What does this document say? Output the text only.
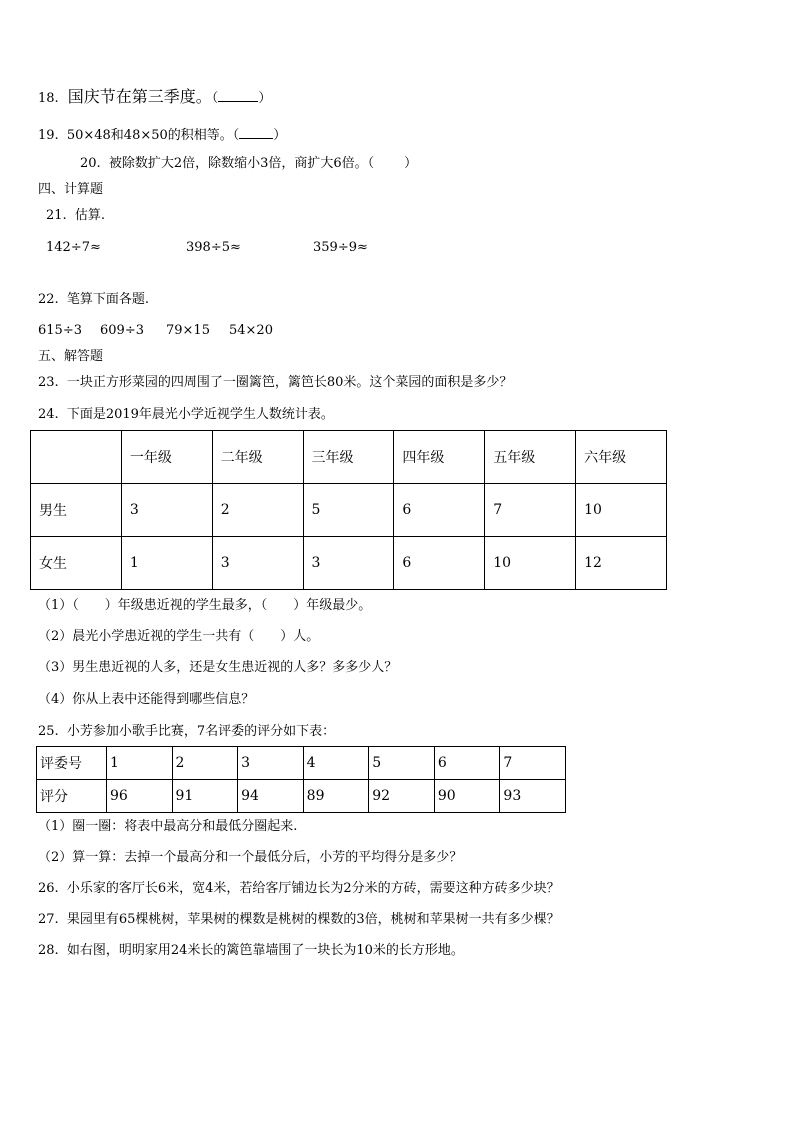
18. 国庆节在第三季度。（	）
19. 50×48和48×50的积相等。（	）
20. 被除数扩大2倍，除数缩小3倍，商扩大6倍。（ ）
四、计算题
21. 估算.
142÷7≈	398÷5≈	359÷9≈
22. 笔算下面各题.
615÷3 609÷3 79×15 54×20
五、解答题
23. 一块正方形菜园的四周围了一圈篱笆，篱笆长80米。这个菜园的面积是多少？
24. 下面是2019年晨光小学近视学生人数统计表。
	一年级	二年级	三年级	四年级	五年级	六年级
男生	3	2	5	6	7	10
女生	1	3	3	6	10	12
（1）（　　）年级患近视的学生最多，（　　）年级最少。
（2）晨光小学患近视的学生一共有（　　）人。
（3）男生患近视的人多，还是女生患近视的人多？多多少人？
（4）你从上表中还能得到哪些信息？
25. 小芳参加小歌手比赛，7名评委的评分如下表：
评委号	1	2	3	4	5	6	7
评分	96	91	94	89	92	90	93
（1）圈一圈：将表中最高分和最低分圈起来.
（2）算一算：去掉一个最高分和一个最低分后，小芳的平均得分是多少？
26. 小乐家的客厅长6米，宽4米，若给客厅铺边长为2分米的方砖，需要这种方砖多少块？
27. 果园里有65棵桃树，苹果树的棵数是桃树的棵数的3倍，桃树和苹果树一共有多少棵？
28. 如右图，明明家用24米长的篱笆靠墙围了一块长为10米的长方形地。
